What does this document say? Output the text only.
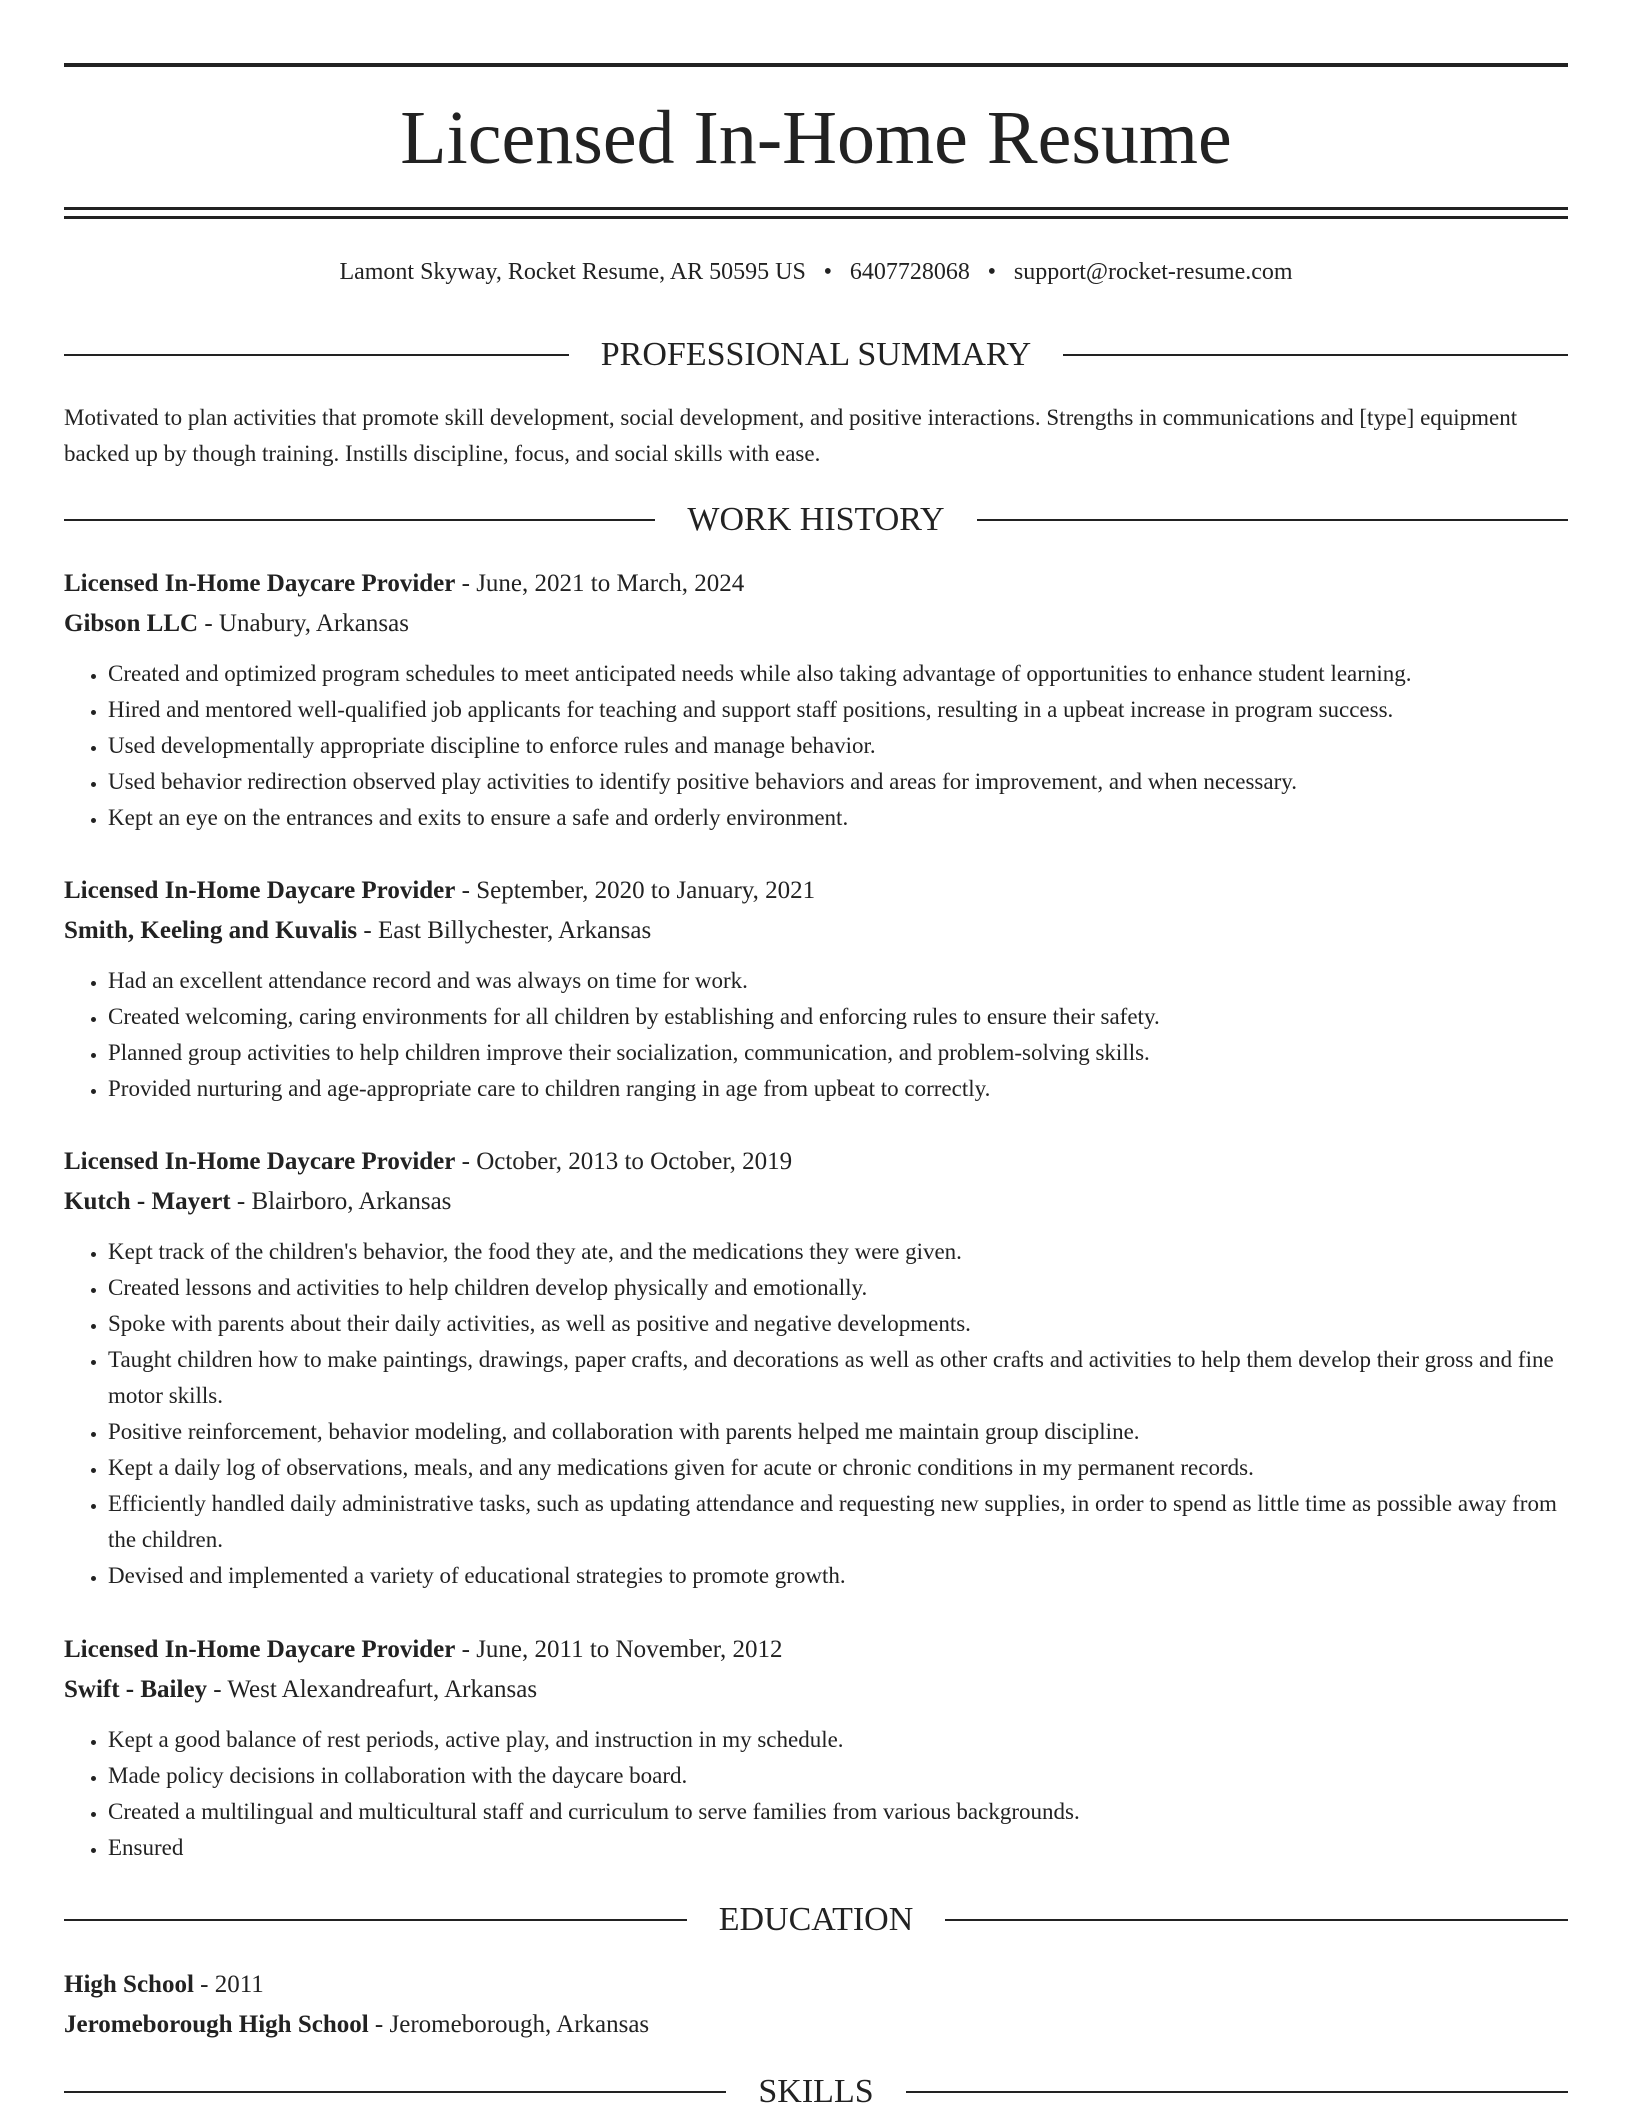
Licensed In-Home Resume
Lamont Skyway, Rocket Resume, AR 50595 US • 6407728068 • support@rocket-resume.com
PROFESSIONAL SUMMARY
Motivated to plan activities that promote skill development, social development, and positive interactions. Strengths in communications and [type] equipment backed up by though training. Instills discipline, focus, and social skills with ease.
WORK HISTORY
Licensed In-Home Daycare Provider - June, 2021 to March, 2024
Gibson LLC - Unabury, Arkansas
• Created and optimized program schedules to meet anticipated needs while also taking advantage of opportunities to enhance student learning.
• Hired and mentored well-qualified job applicants for teaching and support staff positions, resulting in a upbeat increase in program success.
• Used developmentally appropriate discipline to enforce rules and manage behavior.
• Used behavior redirection observed play activities to identify positive behaviors and areas for improvement, and when necessary.
• Kept an eye on the entrances and exits to ensure a safe and orderly environment.
Licensed In-Home Daycare Provider - September, 2020 to January, 2021
Smith, Keeling and Kuvalis - East Billychester, Arkansas
• Had an excellent attendance record and was always on time for work.
• Created welcoming, caring environments for all children by establishing and enforcing rules to ensure their safety.
• Planned group activities to help children improve their socialization, communication, and problem-solving skills.
• Provided nurturing and age-appropriate care to children ranging in age from upbeat to correctly.
Licensed In-Home Daycare Provider - October, 2013 to October, 2019
Kutch - Mayert - Blairboro, Arkansas
• Kept track of the children's behavior, the food they ate, and the medications they were given.
• Created lessons and activities to help children develop physically and emotionally.
• Spoke with parents about their daily activities, as well as positive and negative developments.
• Taught children how to make paintings, drawings, paper crafts, and decorations as well as other crafts and activities to help them develop their gross and fine motor skills.
• Positive reinforcement, behavior modeling, and collaboration with parents helped me maintain group discipline.
• Kept a daily log of observations, meals, and any medications given for acute or chronic conditions in my permanent records.
• Efficiently handled daily administrative tasks, such as updating attendance and requesting new supplies, in order to spend as little time as possible away from the children.
• Devised and implemented a variety of educational strategies to promote growth.
Licensed In-Home Daycare Provider - June, 2011 to November, 2012
Swift - Bailey - West Alexandreafurt, Arkansas
• Kept a good balance of rest periods, active play, and instruction in my schedule.
• Made policy decisions in collaboration with the daycare board.
• Created a multilingual and multicultural staff and curriculum to serve families from various backgrounds.
• Ensured
EDUCATION
High School - 2011
Jeromeborough High School - Jeromeborough, Arkansas
SKILLS
